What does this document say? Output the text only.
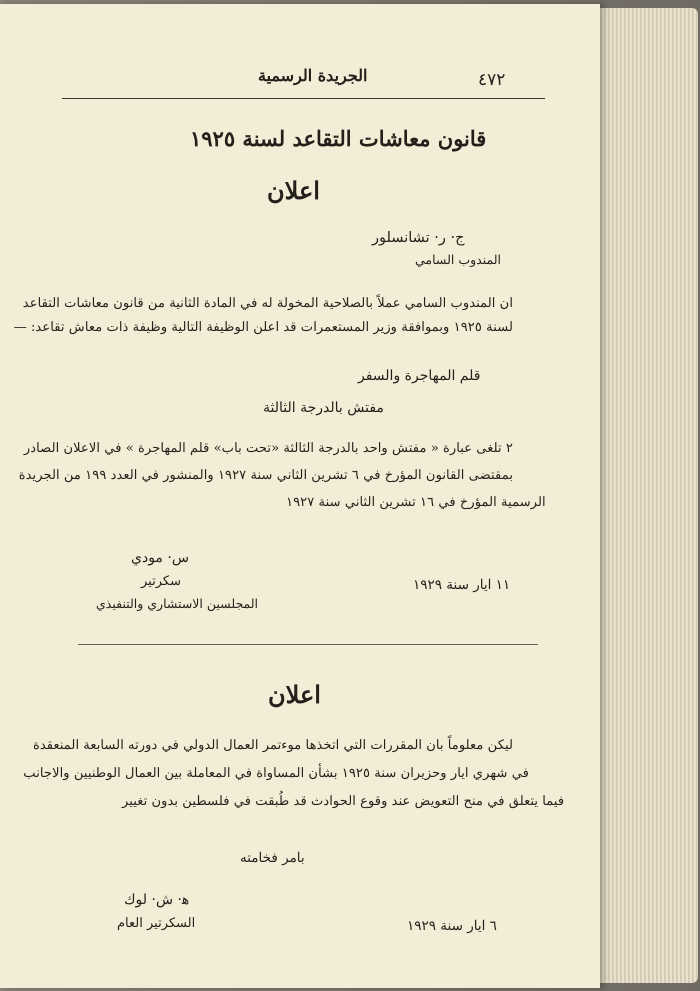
٤٧٢
الجريدة الرسمية
قانون معاشات التقاعد لسنة ١٩٢٥
اعلان
ج· ر· تشانسلور
المندوب السامي
ان المندوب السامي عملاً بالصلاحية المخولة له في المادة الثانية من قانون معاشات التقاعد
لسنة ١٩٢٥ وبموافقة وزير المستعمرات قد اعلن الوظيفة التالية وظيفة ذات معاش تقاعد: —
قلم المهاجرة والسفر
مفتش بالدرجة الثالثة
٢ تلغى عبارة « مفتش واحد بالدرجة الثالثة «تحت باب» قلم المهاجرة » في الاعلان الصادر
بمقتضى القانون المؤرخ في ٦ تشرين الثاني سنة ١٩٢٧ والمنشور في العدد ١٩٩ من الجريدة
الرسمية المؤرخ في ١٦ تشرين الثاني سنة ١٩٢٧
س· مودي
سكرتير
المجلسين الاستشاري والتنفيذي
١١ ايار سنة ١٩٢٩
اعلان
ليكن معلوماً بان المقررات التي اتخذها موءتمر العمال الدولي في دورته السابعة المنعقدة
في شهري ايار وحزيران سنة ١٩٢٥ بشأن المساواة في المعاملة بين العمال الوطنيين والاجانب
فيما يتعلق في منح التعويض عند وقوع الحوادث قد طُبقت في فلسطين بدون تغيير
بامر فخامته
ﻫ· ش· لوك
السكرتير العام	٦ ايار سنة ١٩٢٩
